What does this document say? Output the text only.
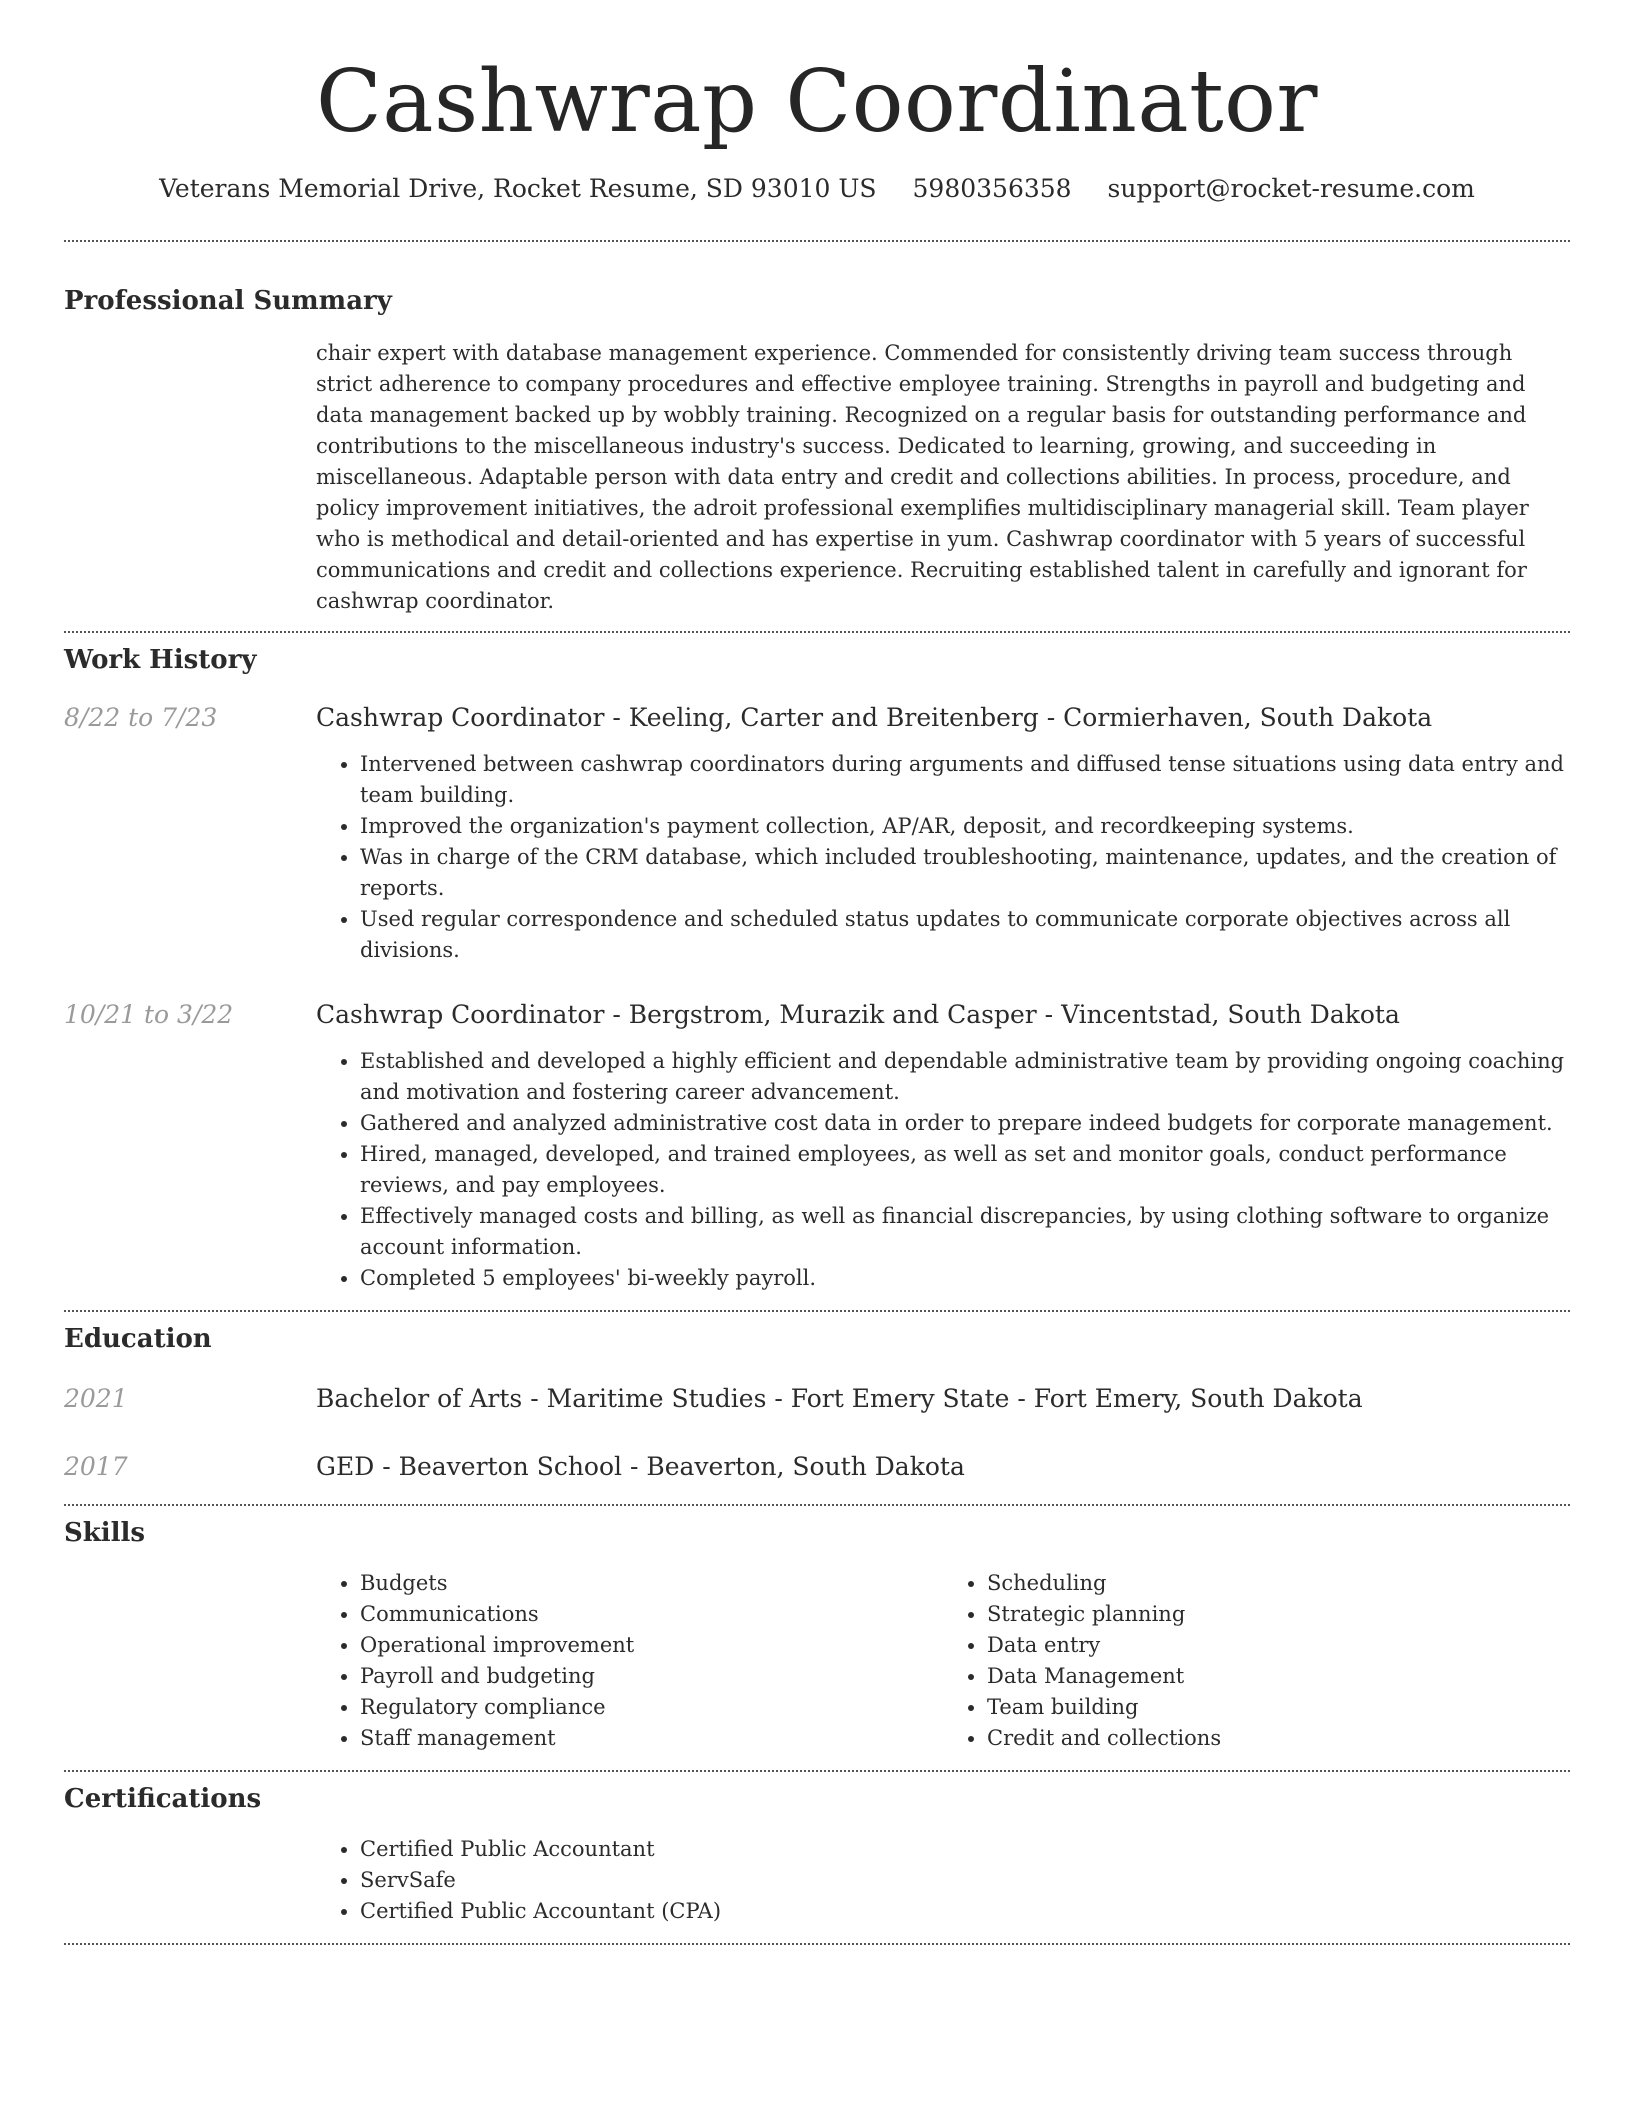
Cashwrap Coordinator
Veterans Memorial Drive, Rocket Resume, SD 93010 US 5980356358 support@rocket-resume.com
Professional Summary

chair expert with database management experience. Commended for consistently driving team success through strict adherence to company procedures and effective employee training. Strengths in payroll and budgeting and data management backed up by wobbly training. Recognized on a regular basis for outstanding performance and contributions to the miscellaneous industry's success. Dedicated to learning, growing, and succeeding in miscellaneous. Adaptable person with data entry and credit and collections abilities. In process, procedure, and policy improvement initiatives, the adroit professional exemplifies multidisciplinary managerial skill. Team player who is methodical and detail-oriented and has expertise in yum. Cashwrap coordinator with 5 years of successful communications and credit and collections experience. Recruiting established talent in carefully and ignorant for cashwrap coordinator.

Work History
8/22 to 7/23	Cashwrap Coordinator - Keeling, Carter and Breitenberg - Cormierhaven, South Dakota
• Intervened between cashwrap coordinators during arguments and diffused tense situations using data entry and team building.
• Improved the organization's payment collection, AP/AR, deposit, and recordkeeping systems.
• Was in charge of the CRM database, which included troubleshooting, maintenance, updates, and the creation of reports.
• Used regular correspondence and scheduled status updates to communicate corporate objectives across all divisions.
10/21 to 3/22	Cashwrap Coordinator - Bergstrom, Murazik and Casper - Vincentstad, South Dakota
• Established and developed a highly efficient and dependable administrative team by providing ongoing coaching and motivation and fostering career advancement.
• Gathered and analyzed administrative cost data in order to prepare indeed budgets for corporate management.
• Hired, managed, developed, and trained employees, as well as set and monitor goals, conduct performance reviews, and pay employees.
• Effectively managed costs and billing, as well as financial discrepancies, by using clothing software to organize account information.
• Completed 5 employees' bi-weekly payroll.
Education
2021	Bachelor of Arts - Maritime Studies - Fort Emery State - Fort Emery, South Dakota
2017	GED - Beaverton School - Beaverton, South Dakota
Skills
• Budgets
• Communications
• Operational improvement
• Payroll and budgeting
• Regulatory compliance
• Staff management
• Scheduling
• Strategic planning
• Data entry
• Data Management
• Team building
• Credit and collections
Certifications
• Certified Public Accountant
• ServSafe
• Certified Public Accountant (CPA)
